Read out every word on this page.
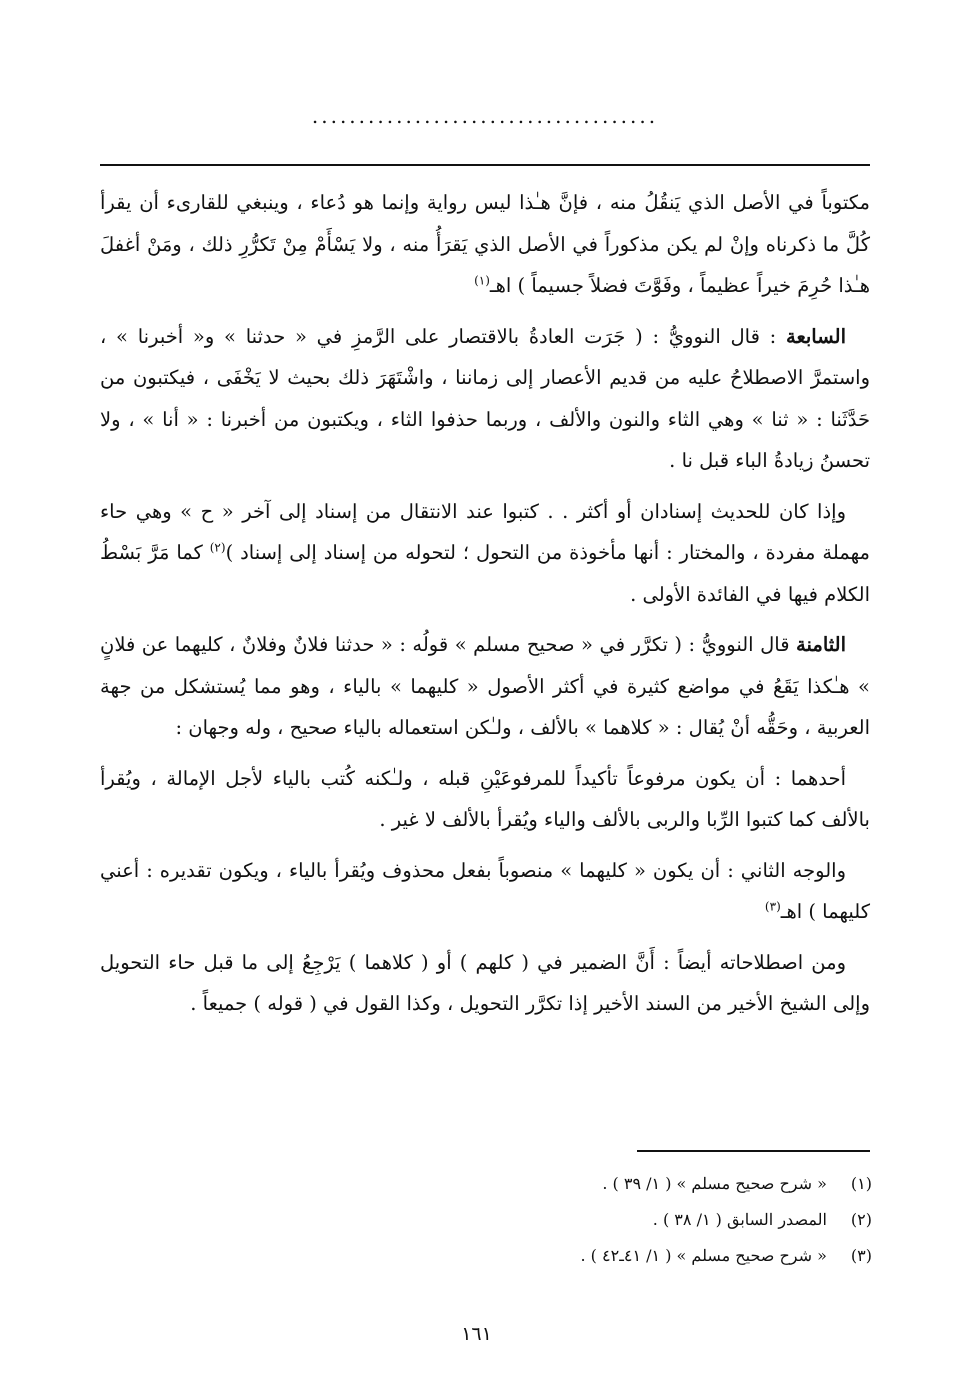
.....................................

مكتوباً في الأصل الذي يَنقُلُ منه ، فإنَّ هـٰذا ليس رواية وإنما هو دُعاء ، وينبغي للقارىء أن يقرأ كُلَّ ما ذكرناه وإنْ لم يكن مذكوراً في الأصل الذي يَقرَأُ منه ، ولا يَسْأَمْ مِنْ تَكرُّرِ ذلك ، ومَنْ أغفلَ هـٰذا حُرِمَ خيراً عظيماً ، وفَوَّتَ فضلاً جسيماً ) اهـ$^{(١)}$

السابعة : قال النوويُّ : ( جَرَت العادةُ بالاقتصار على الرَّمزِ في « حدثنا » و« أخبرنا » ، واستمرَّ الاصطلاحُ عليه من قديم الأعصار إلى زماننا ، واشْتَهَرَ ذلك بحيث لا يَخْفَى ، فيكتبون من حَدَّثَنا : « ثنا » وهي الثاء والنون والألف ، وربما حذفوا الثاء ، ويكتبون من أخبرنا : « أنا » ، ولا تحسنُ زيادةُ الباء قبل نا .

وإذا كان للحديث إسنادان أو أكثر . . كتبوا عند الانتقال من إسناد إلى آخر « ح » وهي حاء مهملة مفردة ، والمختار : أنها مأخوذة من التحول ؛ لتحوله من إسناد إلى إسناد )$^{(٢)}$ كما مَرَّ بَسْطُ الكلام فيها في الفائدة الأولى .

الثامنة قال النوويُّ : ( تكرَّر في « صحيح مسلم » قولُه : « حدثنا فلانٌ وفلانٌ ، كليهما عن فلانٍ » هـٰكذا يَقَعُ في مواضع كثيرة في أكثر الأصول « كليهما » بالياء ، وهو مما يُستشكل من جهة العربية ، وحَقُّه أنْ يُقال : « كلاهما » بالألف ، ولـٰكن استعماله بالياء صحيح ، وله وجهان :

أحدهما : أن يكون مرفوعاً تأكيداً للمرفوعَيْنِ قبله ، ولـٰكنه كُتب بالياء لأجل الإمالة ، ويُقرأ بالألف كما كتبوا الرِّبا والربى بالألف والياء ويُقرأ بالألف لا غير .

والوجه الثاني : أن يكون « كليهما » منصوباً بفعل محذوف ويُقرأ بالياء ، ويكون تقديره : أعني كليهما ) اهـ$^{(٣)}$

ومن اصطلاحاته أيضاً : أَنَّ الضمير في ( كلهم ) أو ( كلاهما ) يَرْجِعُ إلى ما قبل حاء التحويل وإلى الشيخ الأخير من السند الأخير إذا تكرَّر التحويل ، وكذا القول في ( قوله ) جميعاً .

(١) « شرح صحيح مسلم » ( ١/ ٣٩ ) .
(٢) المصدر السابق ( ١/ ٣٨ ) .
(٣) « شرح صحيح مسلم » ( ١/ ٤١ـ٤٢ ) .
١٦١
